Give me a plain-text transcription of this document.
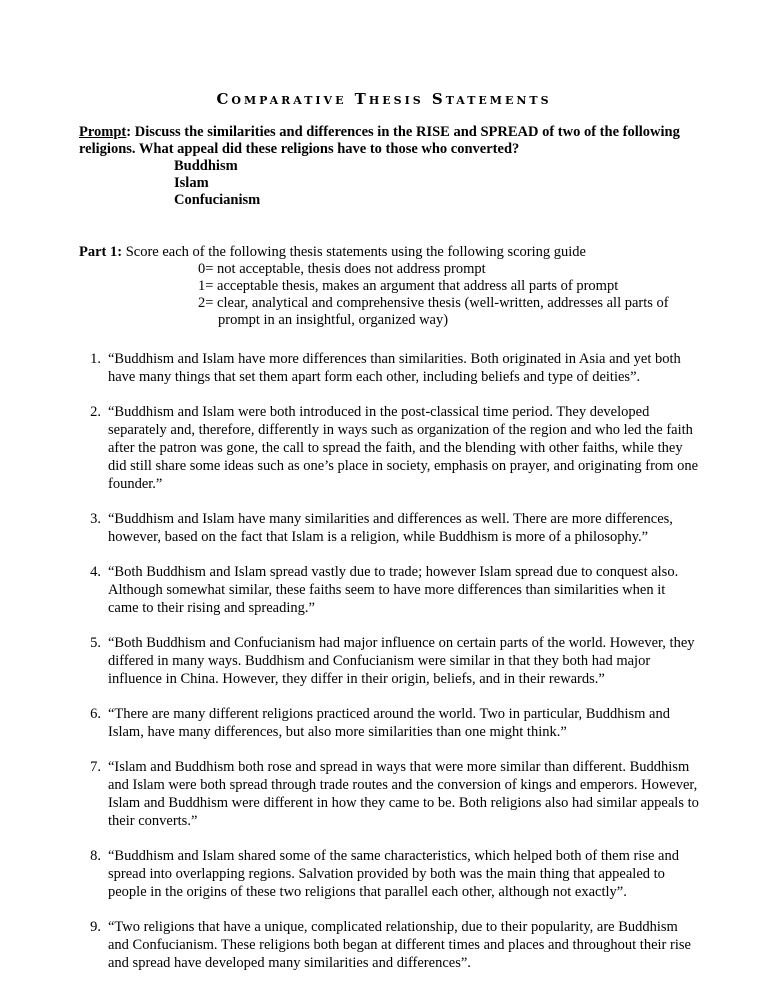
Comparative Thesis Statements
Prompt: Discuss the similarities and differences in the RISE and SPREAD of two of the following religions. What appeal did these religions have to those who converted?
Buddhism
Islam
Confucianism
Part 1: Score each of the following thesis statements using the following scoring guide
0= not acceptable, thesis does not address prompt
1= acceptable thesis, makes an argument that address all parts of prompt
2= clear, analytical and comprehensive thesis (well-written, addresses all parts of
prompt in an insightful, organized way)
1. “Buddhism and Islam have more differences than similarities. Both originated in Asia and yet both have many things that set them apart form each other, including beliefs and type of deities”.
2. “Buddhism and Islam were both introduced in the post-classical time period. They developed separately and, therefore, differently in ways such as organization of the region and who led the faith after the patron was gone, the call to spread the faith, and the blending with other faiths, while they did still share some ideas such as one’s place in society, emphasis on prayer, and originating from one founder.”
3. “Buddhism and Islam have many similarities and differences as well. There are more differences, however, based on the fact that Islam is a religion, while Buddhism is more of a philosophy.”
4. “Both Buddhism and Islam spread vastly due to trade; however Islam spread due to conquest also. Although somewhat similar, these faiths seem to have more differences than similarities when it came to their rising and spreading.”
5. “Both Buddhism and Confucianism had major influence on certain parts of the world. However, they differed in many ways. Buddhism and Confucianism were similar in that they both had major influence in China. However, they differ in their origin, beliefs, and in their rewards.”
6. “There are many different religions practiced around the world. Two in particular, Buddhism and Islam, have many differences, but also more similarities than one might think.”
7. “Islam and Buddhism both rose and spread in ways that were more similar than different. Buddhism and Islam were both spread through trade routes and the conversion of kings and emperors. However, Islam and Buddhism were different in how they came to be. Both religions also had similar appeals to their converts.”
8. “Buddhism and Islam shared some of the same characteristics, which helped both of them rise and spread into overlapping regions. Salvation provided by both was the main thing that appealed to people in the origins of these two religions that parallel each other, although not exactly”.
9. “Two religions that have a unique, complicated relationship, due to their popularity, are Buddhism and Confucianism. These religions both began at different times and places and throughout their rise and spread have developed many similarities and differences”.
